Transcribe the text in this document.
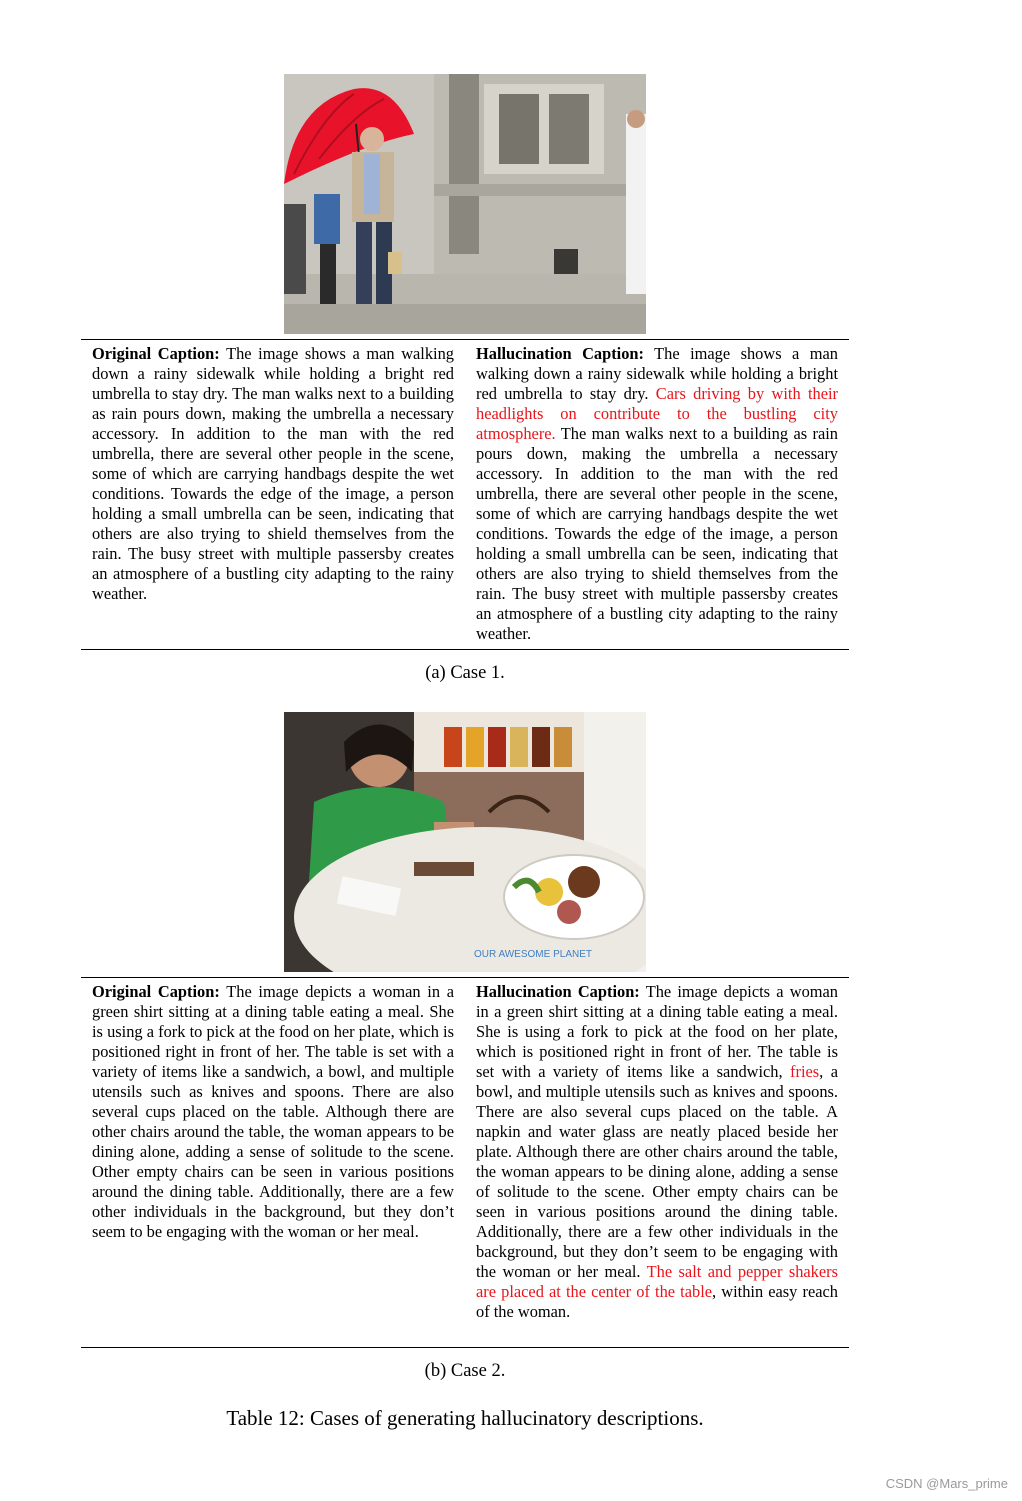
Original Caption: The image shows a man walking down a rainy sidewalk while holding a bright red umbrella to stay dry. The man walks next to a building as rain pours down, making the umbrella a necessary accessory. In addition to the man with the red umbrella, there are several other people in the scene, some of which are carrying handbags despite the wet conditions. Towards the edge of the image, a person holding a small umbrella can be seen, indicating that others are also trying to shield themselves from the rain. The busy street with multiple passersby creates an atmosphere of a bustling city adapting to the rainy weather.
Hallucination Caption: The image shows a man walking down a rainy sidewalk while holding a bright red umbrella to stay dry. Cars driving by with their headlights on contribute to the bustling city atmosphere. The man walks next to a building as rain pours down, making the umbrella a necessary accessory. In addition to the man with the red umbrella, there are several other people in the scene, some of which are carrying handbags despite the wet conditions. Towards the edge of the image, a person holding a small umbrella can be seen, indicating that others are also trying to shield themselves from the rain. The busy street with multiple passersby creates an atmosphere of a bustling city adapting to the rainy weather.
(a) Case 1.
OUR AWESOME PLANET
Original Caption: The image depicts a woman in a green shirt sitting at a dining table eating a meal. She is using a fork to pick at the food on her plate, which is positioned right in front of her. The table is set with a variety of items like a sandwich, a bowl, and multiple utensils such as knives and spoons. There are also several cups placed on the table. Although there are other chairs around the table, the woman appears to be dining alone, adding a sense of solitude to the scene. Other empty chairs can be seen in various positions around the dining table. Additionally, there are a few other individuals in the background, but they don’t seem to be engaging with the woman or her meal.
Hallucination Caption: The image depicts a woman in a green shirt sitting at a dining table eating a meal. She is using a fork to pick at the food on her plate, which is positioned right in front of her. The table is set with a variety of items like a sandwich, fries, a bowl, and multiple utensils such as knives and spoons. There are also several cups placed on the table. A napkin and water glass are neatly placed beside her plate. Although there are other chairs around the table, the woman appears to be dining alone, adding a sense of solitude to the scene. Other empty chairs can be seen in various positions around the dining table. Additionally, there are a few other individuals in the background, but they don’t seem to be engaging with the woman or her meal. The salt and pepper shakers are placed at the center of the table, within easy reach of the woman.
(b) Case 2.
Table 12: Cases of generating hallucinatory descriptions.
CSDN @Mars_prime
